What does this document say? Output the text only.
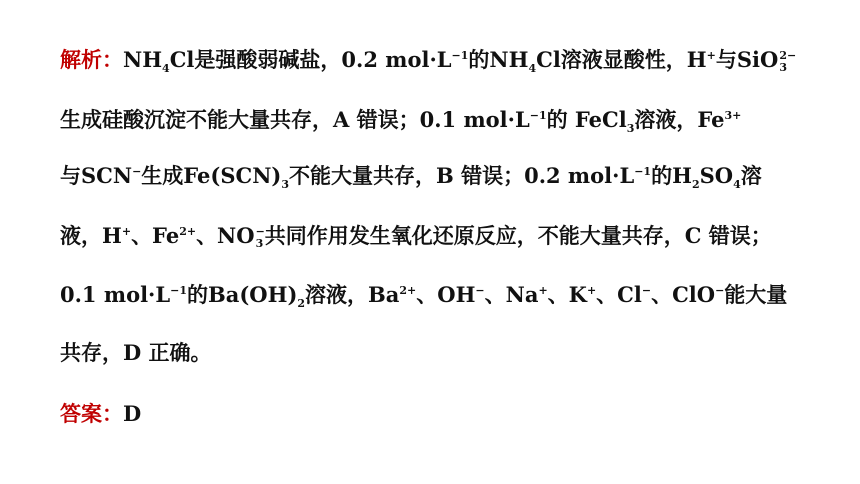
解析：$NH_4Cl$是强酸弱碱盐，0.2 $mol\cdot L^{-1}$的$NH_4Cl$溶液显酸性，H+与SiO 2−
3
生成硅酸沉淀不能大量共存，A 错误；0.1 $mol\cdot L^{-1}$的 FeCl$_3$溶液，$Fe^{3+}$
与SCN−生成$Fe(SCN)_3$不能大量共存，B 错误；0.2 $mol\cdot L^{-1}$的$H_2SO_4$溶
液，H+、$Fe^{2+}$、NO −
3 共同作用发生氧化还原反应，不能大量共存，C 错误；
0.1 $mol\cdot L^{-1}$的$Ba(OH)_2$溶液，$Ba^{2+}$、OH−、Na+、K+、Cl−、ClO−能大量
共存，D 正确。
答案：D
